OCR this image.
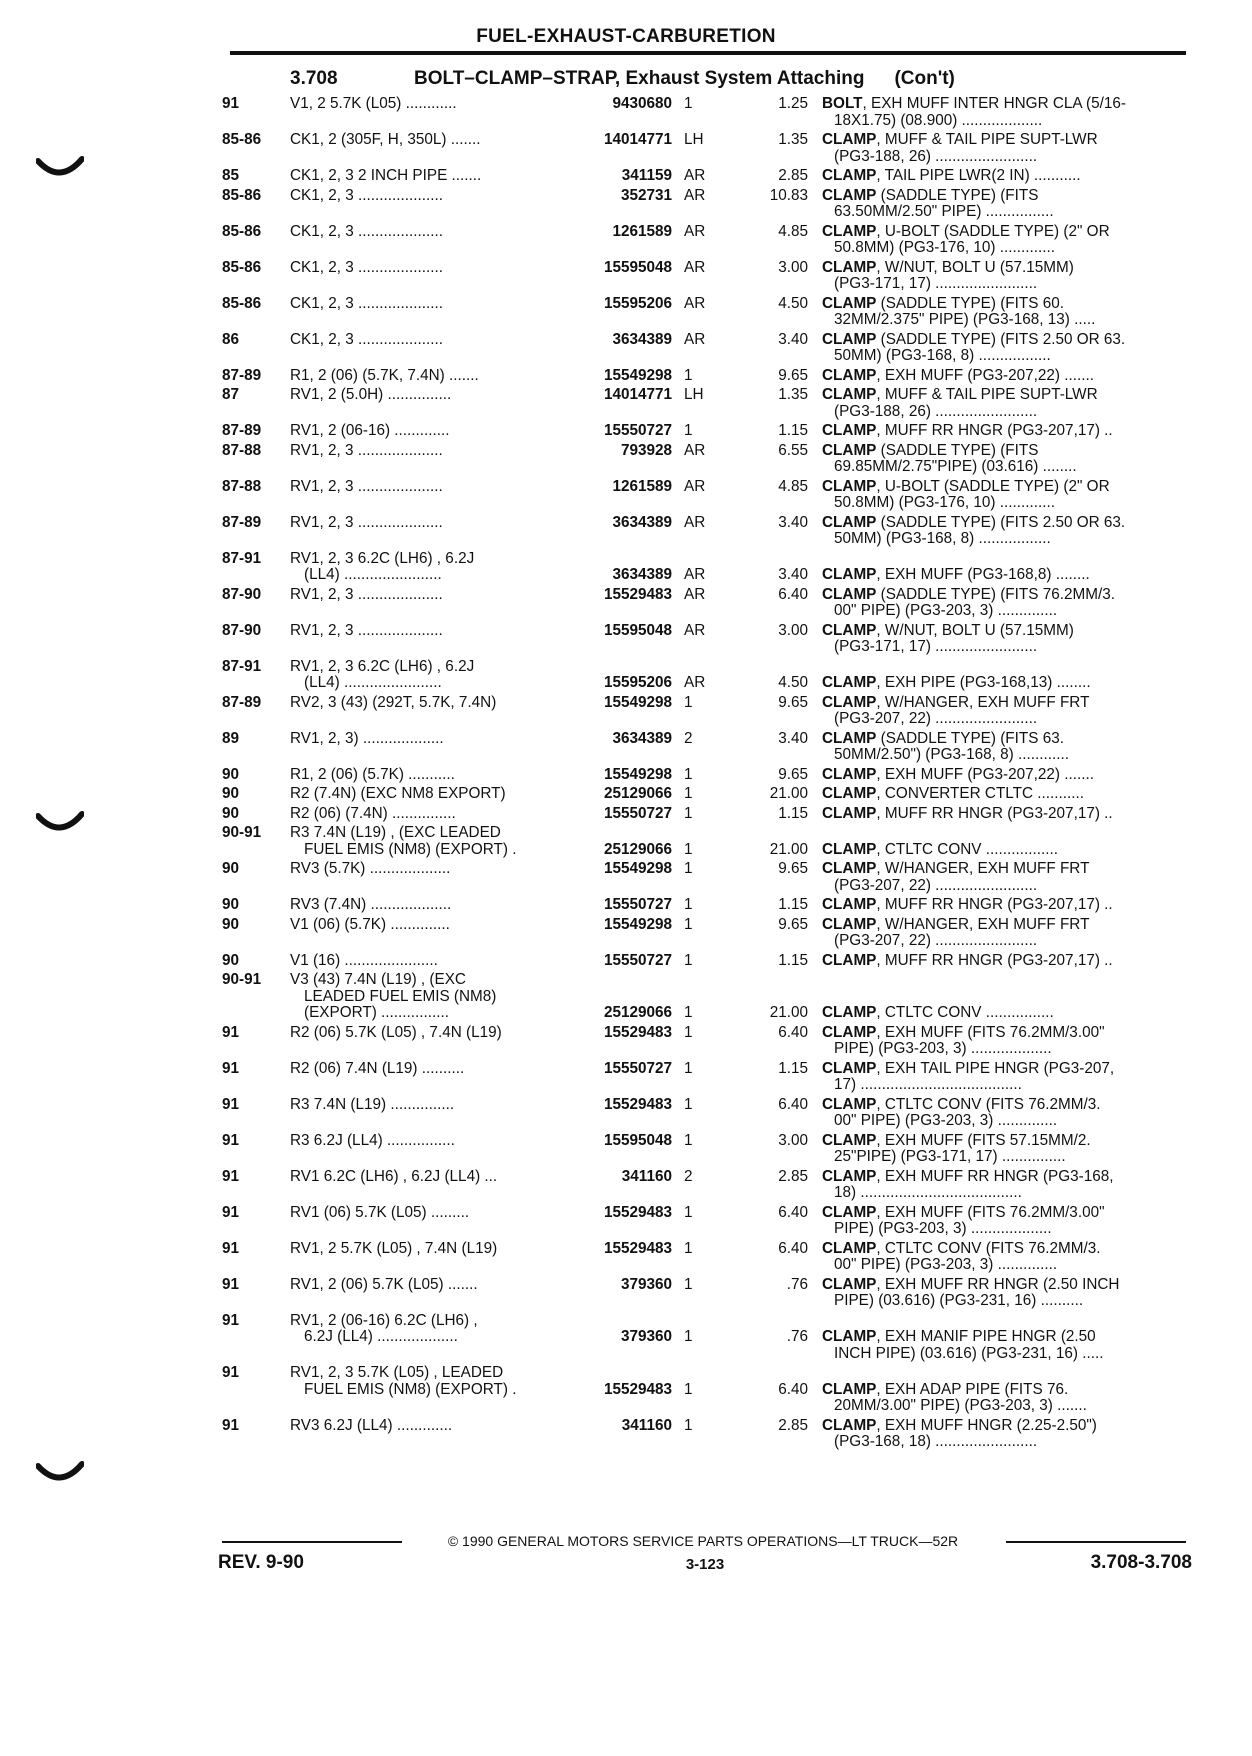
FUEL-EXHAUST-CARBURETION
3.708	BOLT–CLAMP–STRAP, Exhaust System Attaching (Con't)
91	V1, 2 5.7K (L05) ............	9430680 1	1.25 BOLT, EXH MUFF INTER HNGR CLA (5/16-
18X1.75) (08.900) ...................
85-86	CK1, 2 (305F, H, 350L) .......	14014771 LH	1.35 CLAMP, MUFF & TAIL PIPE SUPT-LWR
(PG3-188, 26) ........................
85	CK1, 2, 3 2 INCH PIPE .......	341159 AR	2.85 CLAMP, TAIL PIPE LWR(2 IN) ...........
85-86	CK1, 2, 3 ....................	352731 AR	10.83 CLAMP (SADDLE TYPE) (FITS
63.50MM/2.50" PIPE) ................
85-86	CK1, 2, 3 ....................	1261589 AR	4.85 CLAMP, U-BOLT (SADDLE TYPE) (2" OR
50.8MM) (PG3-176, 10) .............
85-86	CK1, 2, 3 ....................	15595048 AR	3.00 CLAMP, W/NUT, BOLT U (57.15MM)
(PG3-171, 17) ........................
85-86	CK1, 2, 3 ....................	15595206 AR	4.50 CLAMP (SADDLE TYPE) (FITS 60.
32MM/2.375" PIPE) (PG3-168, 13) .....
86	CK1, 2, 3 ....................	3634389 AR	3.40 CLAMP (SADDLE TYPE) (FITS 2.50 OR 63.
50MM) (PG3-168, 8) .................
87-89	R1, 2 (06) (5.7K, 7.4N) .......	15549298 1	9.65 CLAMP, EXH MUFF (PG3-207,22) .......
87	RV1, 2 (5.0H) ...............	14014771 LH	1.35 CLAMP, MUFF & TAIL PIPE SUPT-LWR
(PG3-188, 26) ........................
87-89	RV1, 2 (06-16) .............	15550727 1	1.15 CLAMP, MUFF RR HNGR (PG3-207,17) ..
87-88	RV1, 2, 3 ....................	793928 AR	6.55 CLAMP (SADDLE TYPE) (FITS
69.85MM/2.75"PIPE) (03.616) ........
87-88	RV1, 2, 3 ....................	1261589 AR	4.85 CLAMP, U-BOLT (SADDLE TYPE) (2" OR
50.8MM) (PG3-176, 10) .............
87-89	RV1, 2, 3 ....................	3634389 AR	3.40 CLAMP (SADDLE TYPE) (FITS 2.50 OR 63.
50MM) (PG3-168, 8) .................
87-91	RV1, 2, 3 6.2C (LH6) , 6.2J
(LL4) .......................	3634389 AR	3.40 CLAMP, EXH MUFF (PG3-168,8) ........
87-90	RV1, 2, 3 ....................	15529483 AR	6.40 CLAMP (SADDLE TYPE) (FITS 76.2MM/3.
00" PIPE) (PG3-203, 3) ..............
87-90	RV1, 2, 3 ....................	15595048 AR	3.00 CLAMP, W/NUT, BOLT U (57.15MM)
(PG3-171, 17) ........................
87-91	RV1, 2, 3 6.2C (LH6) , 6.2J
(LL4) .......................	15595206 AR	4.50 CLAMP, EXH PIPE (PG3-168,13) ........
87-89	RV2, 3 (43) (292T, 5.7K, 7.4N)	15549298 1	9.65 CLAMP, W/HANGER, EXH MUFF FRT
(PG3-207, 22) ........................
89	RV1, 2, 3) ...................	3634389 2	3.40 CLAMP (SADDLE TYPE) (FITS 63.
50MM/2.50") (PG3-168, 8) ............
90	R1, 2 (06) (5.7K) ...........	15549298 1	9.65 CLAMP, EXH MUFF (PG3-207,22) .......
90	R2 (7.4N) (EXC NM8 EXPORT)	25129066 1	21.00 CLAMP, CONVERTER CTLTC ...........
90	R2 (06) (7.4N) ...............	15550727 1	1.15 CLAMP, MUFF RR HNGR (PG3-207,17) ..
90-91	R3 7.4N (L19) , (EXC LEADED
FUEL EMIS (NM8) (EXPORT) .	25129066 1	21.00 CLAMP, CTLTC CONV .................
90	RV3 (5.7K) ...................	15549298 1	9.65 CLAMP, W/HANGER, EXH MUFF FRT
(PG3-207, 22) ........................
90	RV3 (7.4N) ...................	15550727 1	1.15 CLAMP, MUFF RR HNGR (PG3-207,17) ..
90	V1 (06) (5.7K) ..............	15549298 1	9.65 CLAMP, W/HANGER, EXH MUFF FRT
(PG3-207, 22) ........................
90	V1 (16) ......................	15550727 1	1.15 CLAMP, MUFF RR HNGR (PG3-207,17) ..
90-91	V3 (43) 7.4N (L19) , (EXC
LEADED FUEL EMIS (NM8)
(EXPORT) ................	25129066 1	21.00 CLAMP, CTLTC CONV ................
91	R2 (06) 5.7K (L05) , 7.4N (L19)	15529483 1	6.40 CLAMP, EXH MUFF (FITS 76.2MM/3.00"
PIPE) (PG3-203, 3) ...................
91	R2 (06) 7.4N (L19) ..........	15550727 1	1.15 CLAMP, EXH TAIL PIPE HNGR (PG3-207,
17) ......................................
91	R3 7.4N (L19) ...............	15529483 1	6.40 CLAMP, CTLTC CONV (FITS 76.2MM/3.
00" PIPE) (PG3-203, 3) ..............
91	R3 6.2J (LL4) ................	15595048 1	3.00 CLAMP, EXH MUFF (FITS 57.15MM/2.
25"PIPE) (PG3-171, 17) ...............
91	RV1 6.2C (LH6) , 6.2J (LL4) ...	341160 2	2.85 CLAMP, EXH MUFF RR HNGR (PG3-168,
18) ......................................
91	RV1 (06) 5.7K (L05) .........	15529483 1	6.40 CLAMP, EXH MUFF (FITS 76.2MM/3.00"
PIPE) (PG3-203, 3) ...................
91	RV1, 2 5.7K (L05) , 7.4N (L19)	15529483 1	6.40 CLAMP, CTLTC CONV (FITS 76.2MM/3.
00" PIPE) (PG3-203, 3) ..............
91	RV1, 2 (06) 5.7K (L05) .......	379360 1	.76 CLAMP, EXH MUFF RR HNGR (2.50 INCH
PIPE) (03.616) (PG3-231, 16) ..........
91	RV1, 2 (06-16) 6.2C (LH6) ,
6.2J (LL4) ...................	379360 1	.76 CLAMP, EXH MANIF PIPE HNGR (2.50
INCH PIPE) (03.616) (PG3-231, 16) .....
91	RV1, 2, 3 5.7K (L05) , LEADED
FUEL EMIS (NM8) (EXPORT) .	15529483 1	6.40 CLAMP, EXH ADAP PIPE (FITS 76.
20MM/3.00" PIPE) (PG3-203, 3) .......
91	RV3 6.2J (LL4) .............	341160 1	2.85 CLAMP, EXH MUFF HNGR (2.25-2.50")
(PG3-168, 18) ........................
© 1990 GENERAL MOTORS SERVICE PARTS OPERATIONS—LT TRUCK—52R
REV. 9-90	3-123	3.708-3.708
